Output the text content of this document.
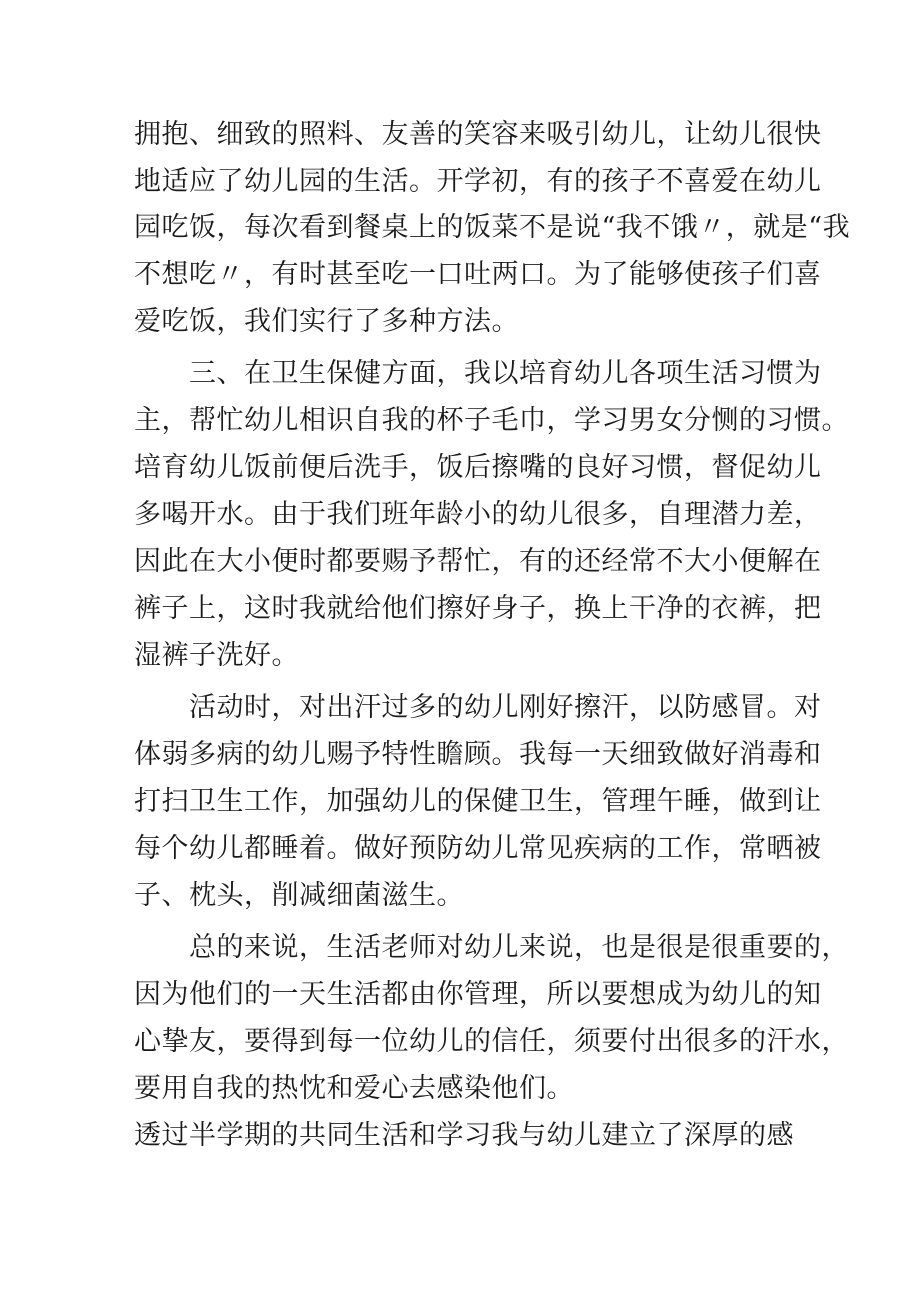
拥抱、细致的照料、友善的笑容来吸引幼儿，让幼儿很快
地适应了幼儿园的生活。开学初，有的孩子不喜爱在幼儿
园吃饭，每次看到餐桌上的饭菜不是说“我不饿〃，就是“我
不想吃〃，有时甚至吃一口吐两口。为了能够使孩子们喜
爱吃饭，我们实行了多种方法。
三、在卫生保健方面，我以培育幼儿各项生活习惯为
主，帮忙幼儿相识自我的杯子毛巾，学习男女分恻的习惯。
培育幼儿饭前便后洗手，饭后擦嘴的良好习惯，督促幼儿
多喝开水。由于我们班年龄小的幼儿很多，自理潜力差，
因此在大小便时都要赐予帮忙，有的还经常不大小便解在
裤子上，这时我就给他们擦好身子，换上干净的衣裤，把
湿裤子洗好。
活动时，对出汗过多的幼儿刚好擦汗，以防感冒。对
体弱多病的幼儿赐予特性瞻顾。我每一天细致做好消毒和
打扫卫生工作，加强幼儿的保健卫生，管理午睡，做到让
每个幼儿都睡着。做好预防幼儿常见疾病的工作，常晒被
子、枕头，削减细菌滋生。
总的来说，生活老师对幼儿来说，也是很是很重要的，
因为他们的一天生活都由你管理，所以要想成为幼儿的知
心挚友，要得到每一位幼儿的信任，须要付出很多的汗水，
要用自我的热忱和爱心去感染他们。
透过半学期的共同生活和学习我与幼儿建立了深厚的感
